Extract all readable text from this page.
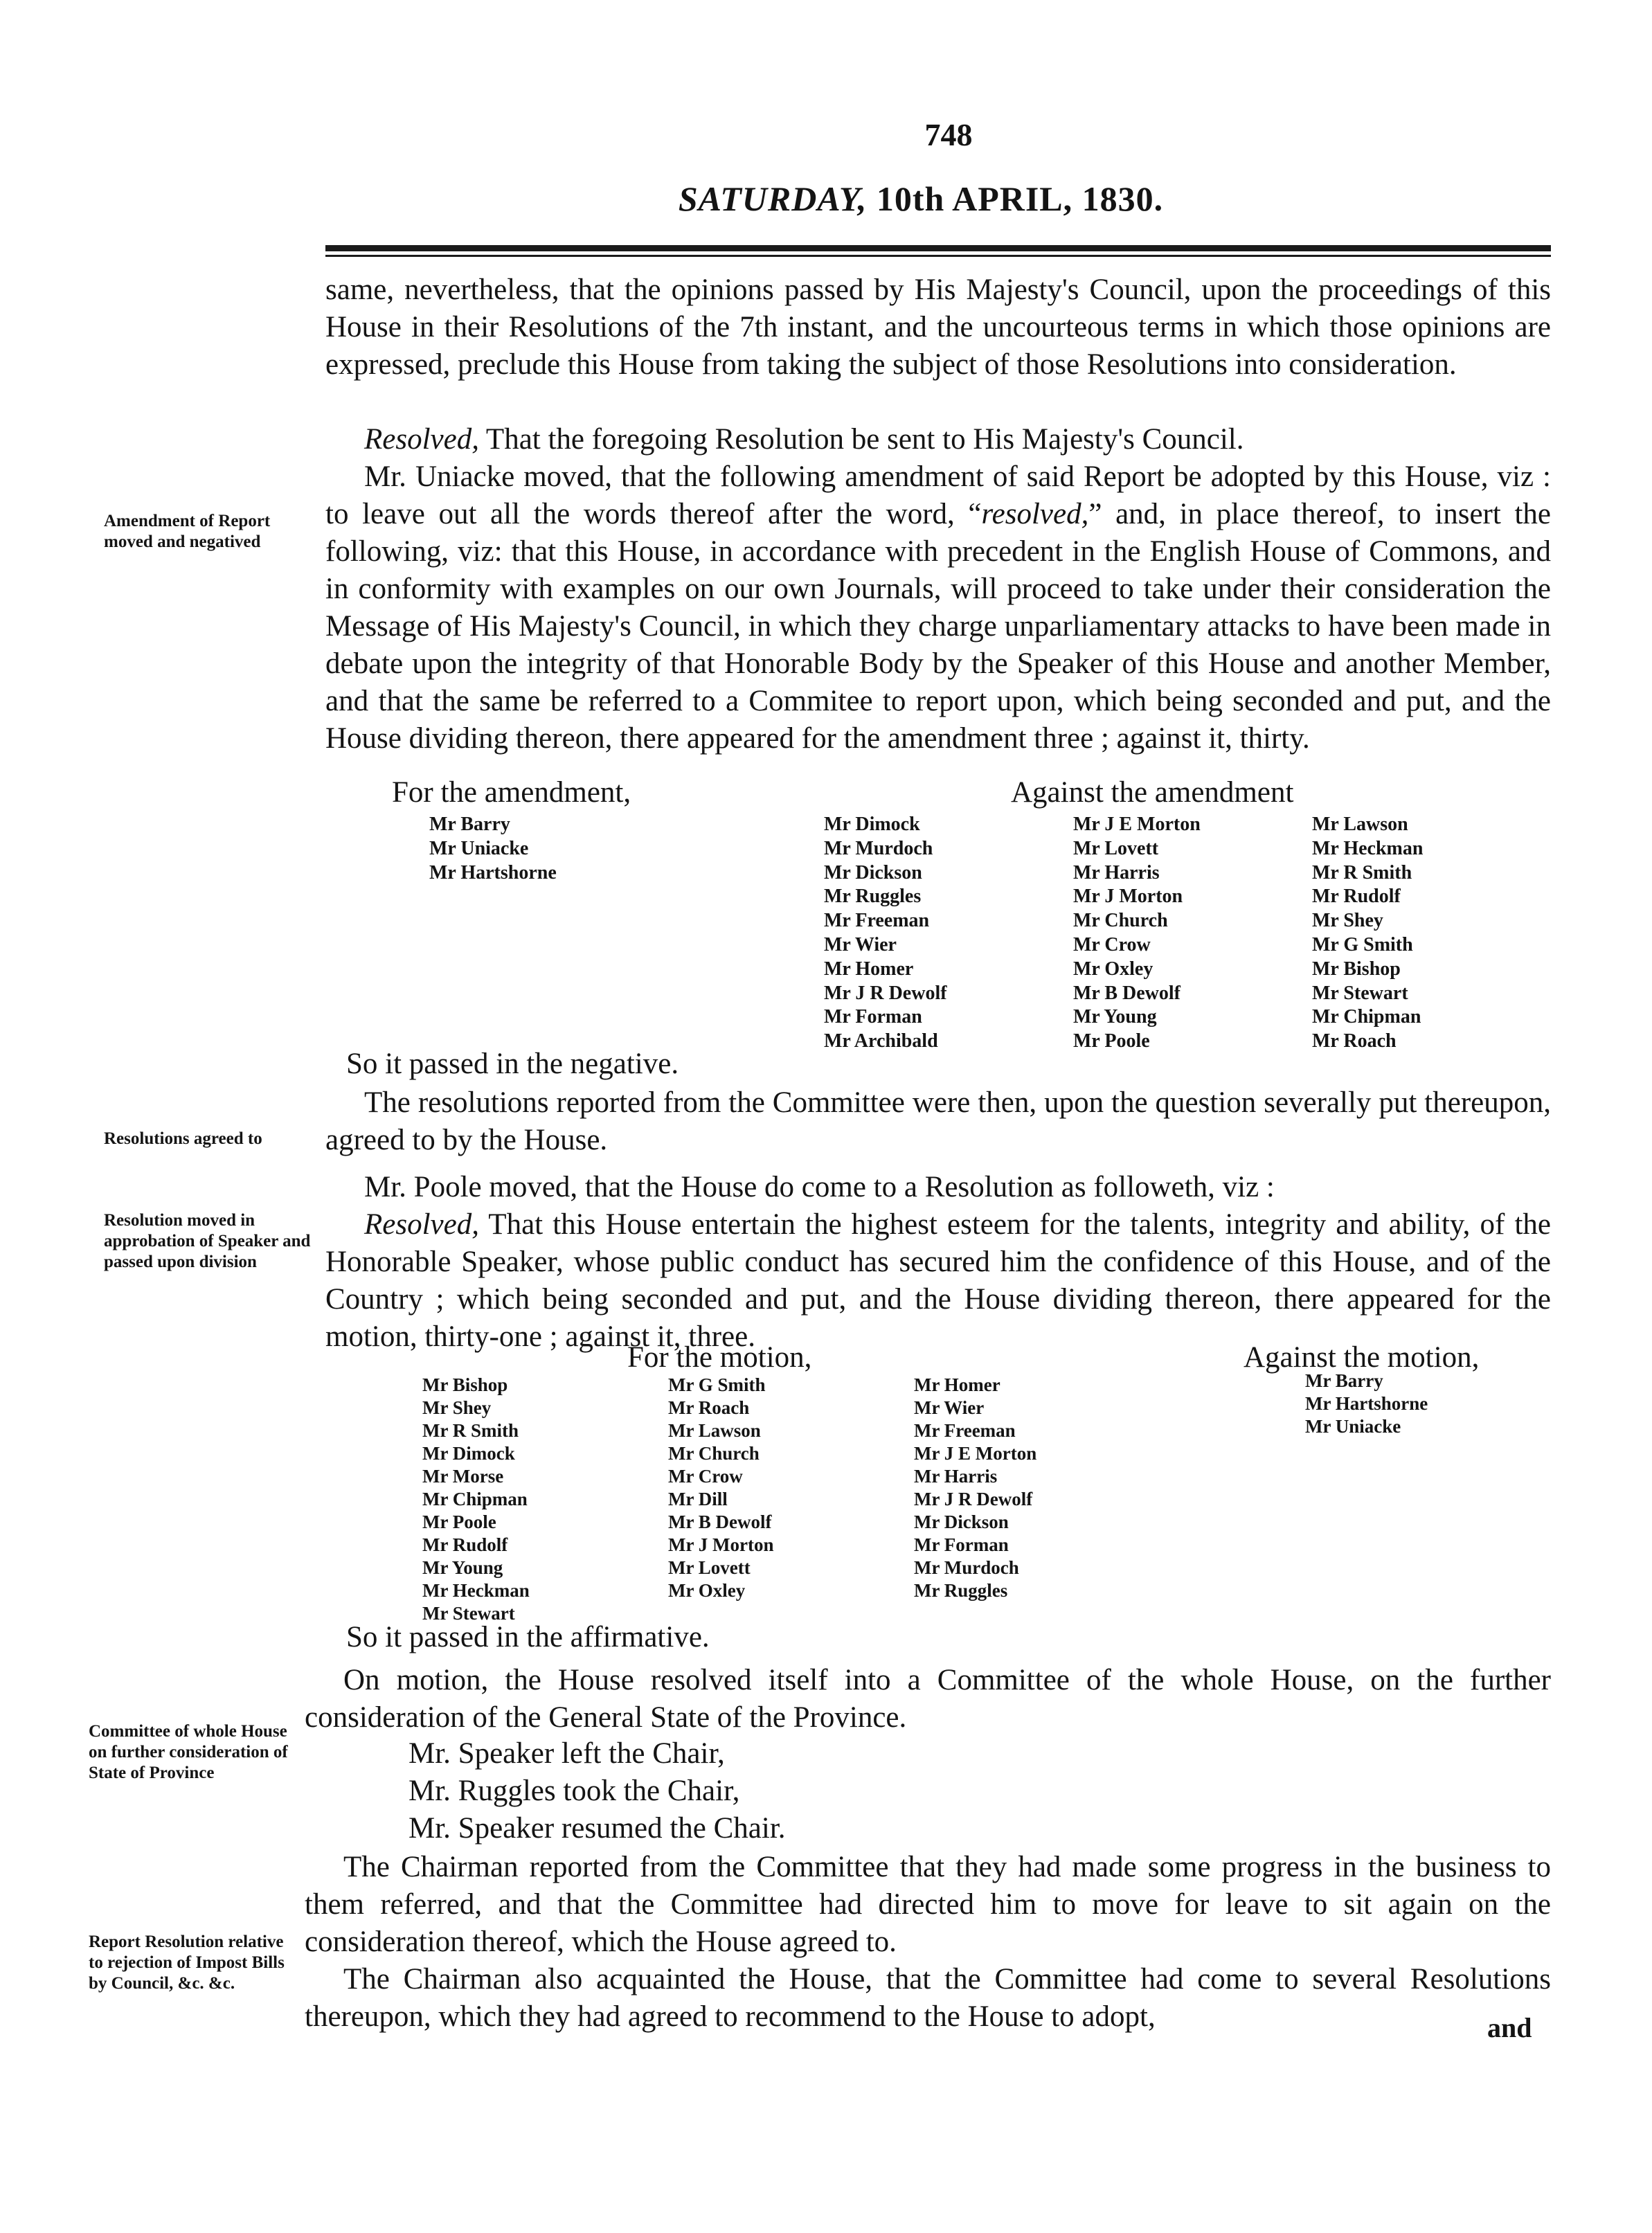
748
SATURDAY, 10th APRIL, 1830.

same, nevertheless, that the opinions passed by His Majesty's Council, upon the proceedings of this House in their Resolutions of the 7th instant, and the uncourteous terms in which those opinions are expressed, preclude this House from taking the subject of those Resolutions into consideration.

Resolved, That the foregoing Resolution be sent to His Majesty's Council.

Mr. Uniacke moved, that the following amendment of said Report be adopted by this House, viz : to leave out all the words thereof after the word, “resolved,” and, in place thereof, to insert the following, viz: that this House, in accordance with precedent in the English House of Commons, and in conformity with examples on our own Journals, will proceed to take under their consideration the Message of His Majesty's Council, in which they charge unparliamentary attacks to have been made in debate upon the integrity of that Honorable Body by the Speaker of this House and another Member, and that the same be referred to a Commitee to report upon, which being seconded and put, and the House dividing thereon, there appeared for the amendment three ; against it, thirty.

Amendment of Report moved and negatived

For the amendment,	Against the amendment

Mr Barry
Mr Uniacke
Mr Hartshorne
Mr Dimock
Mr Murdoch
Mr Dickson
Mr Ruggles
Mr Freeman
Mr Wier
Mr Homer
Mr J R Dewolf
Mr Forman
Mr Archibald
Mr J E Morton
Mr Lovett
Mr Harris
Mr J Morton
Mr Church
Mr Crow
Mr Oxley
Mr B Dewolf
Mr Young
Mr Poole
Mr Lawson
Mr Heckman
Mr R Smith
Mr Rudolf
Mr Shey
Mr G Smith
Mr Bishop
Mr Stewart
Mr Chipman
Mr Roach

So it passed in the negative.

The resolutions reported from the Committee were then, upon the question severally put thereupon, agreed to by the House.

Resolutions agreed to

Mr. Poole moved, that the House do come to a Resolution as followeth, viz :

Resolved, That this House entertain the highest esteem for the talents, integrity and ability, of the Honorable Speaker, whose public conduct has secured him the confidence of this House, and of the Country ; which being seconded and put, and the House dividing thereon, there appeared for the motion, thirty-one ; against it, three.

Resolution moved in approbation of Speaker and passed upon division

For the motion,	Against the motion,

Mr Bishop
Mr Shey
Mr R Smith
Mr Dimock
Mr Morse
Mr Chipman
Mr Poole
Mr Rudolf
Mr Young
Mr Heckman
Mr Stewart
Mr G Smith
Mr Roach
Mr Lawson
Mr Church
Mr Crow
Mr Dill
Mr B Dewolf
Mr J Morton
Mr Lovett
Mr Oxley
Mr Homer
Mr Wier
Mr Freeman
Mr J E Morton
Mr Harris
Mr J R Dewolf
Mr Dickson
Mr Forman
Mr Murdoch
Mr Ruggles
Mr Barry
Mr Hartshorne
Mr Uniacke

So it passed in the affirmative.

On motion, the House resolved itself into a Committee of the whole House, on the further consideration of the General State of the Province.

Committee of whole House on further consideration of State of Province

Mr. Speaker left the Chair,

Mr. Ruggles took the Chair,

Mr. Speaker resumed the Chair.

The Chairman reported from the Committee that they had made some progress in the business to them referred, and that the Committee had directed him to move for leave to sit again on the consideration thereof, which the House agreed to.

The Chairman also acquainted the House, that the Committee had come to several Resolutions thereupon, which they had agreed to recommend to the House to adopt,

Report Resolution relative to rejection of Impost Bills by Council, &c. &c.

and
